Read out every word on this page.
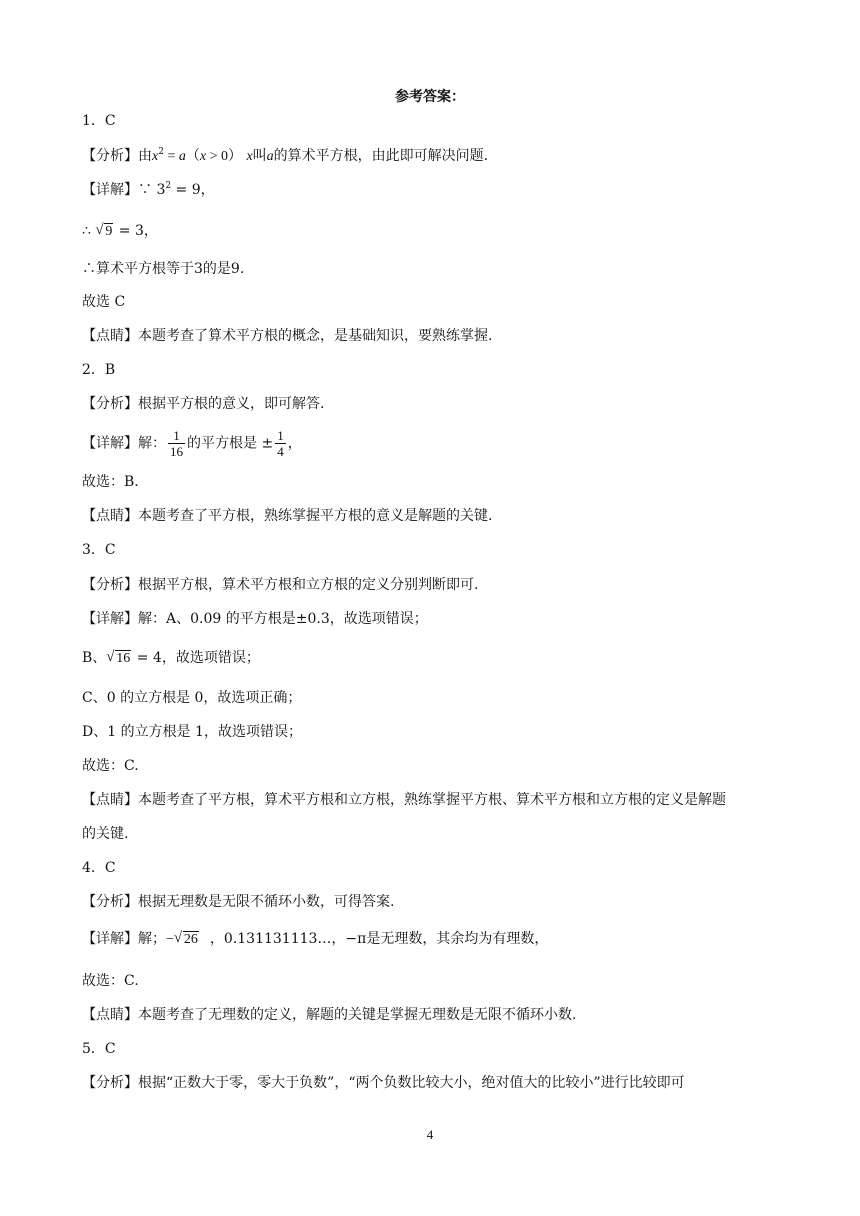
参考答案：
1．C
【分析】由$x^2 = a(x > 0)$ x叫a的算术平方根，由此即可解决问题.
【详解】∵ $3^2 = 9$，
∴ √ 9 = 3，
∴算术平方根等于3的是9.
故选 C
【点睛】本题考查了算术平方根的概念，是基础知识，要熟练掌握.
2．B
【分析】根据平方根的意义，即可解答.
【详解】解： $\frac{1}{16}$ 的平方根是 ± $\frac{1}{4}$ ，
故选：B.
【点睛】本题考查了平方根，熟练掌握平方根的意义是解题的关键.
3．C
【分析】根据平方根，算术平方根和立方根的定义分别判断即可.
【详解】解：A、0.09 的平方根是±0.3，故选项错误；
B、 √ 16 = 4，故选项错误；
C、0 的立方根是 0，故选项正确；
D、1 的立方根是 1，故选项错误；
故选：C.
【点睛】本题考查了平方根，算术平方根和立方根，熟练掌握平方根、算术平方根和立方根的定义是解题
的关键.
4．C
【分析】根据无理数是无限不循环小数，可得答案.
【详解】解；− √ 26 ，0.131131113…，−π是无理数，其余均为有理数，
故选：C.
【点睛】本题考查了无理数的定义，解题的关键是掌握无理数是无限不循环小数.
5．C
【分析】根据“正数大于零，零大于负数”，“两个负数比较大小，绝对值大的比较小”进行比较即可
4
